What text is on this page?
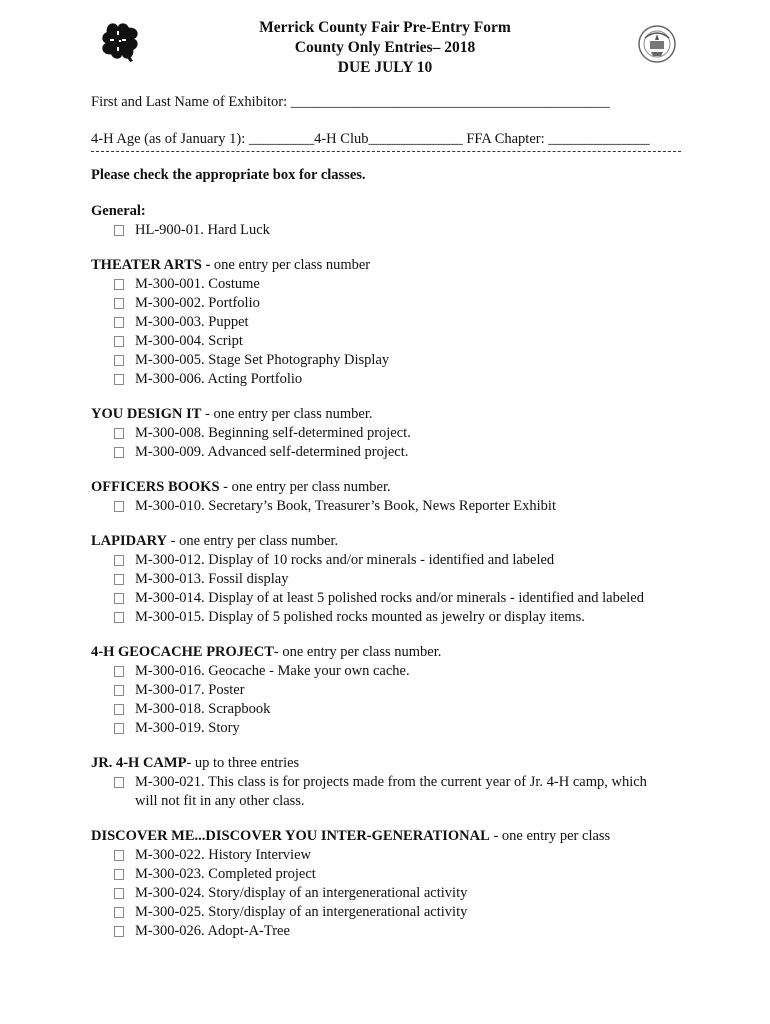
Merrick County Fair Pre-Entry Form
County Only Entries– 2018
DUE JULY 10
First and Last Name of Exhibitor: ____________________________________________
4-H Age (as of January 1): _________4-H Club_____________ FFA Chapter: ______________
Please check the appropriate box for classes.
General:
HL-900-01. Hard Luck
THEATER ARTS - one entry per class number
M-300-001. Costume
M-300-002. Portfolio
M-300-003. Puppet
M-300-004. Script
M-300-005. Stage Set Photography Display
M-300-006. Acting Portfolio
YOU DESIGN IT - one entry per class number.
M-300-008. Beginning self-determined project.
M-300-009. Advanced self-determined project.
OFFICERS BOOKS - one entry per class number.
M-300-010. Secretary’s Book, Treasurer’s Book, News Reporter Exhibit
LAPIDARY - one entry per class number.
M-300-012. Display of 10 rocks and/or minerals - identified and labeled
M-300-013. Fossil display
M-300-014. Display of at least 5 polished rocks and/or minerals - identified and labeled
M-300-015. Display of 5 polished rocks mounted as jewelry or display items.
4-H GEOCACHE PROJECT- one entry per class number.
M-300-016. Geocache - Make your own cache.
M-300-017. Poster
M-300-018. Scrapbook
M-300-019. Story
JR. 4-H CAMP- up to three entries
M-300-021. This class is for projects made from the current year of Jr. 4-H camp, which will not fit in any other class.
DISCOVER ME...DISCOVER YOU INTER-GENERATIONAL - one entry per class
M-300-022. History Interview
M-300-023. Completed project
M-300-024. Story/display of an intergenerational activity
M-300-025. Story/display of an intergenerational activity
M-300-026. Adopt-A-Tree
